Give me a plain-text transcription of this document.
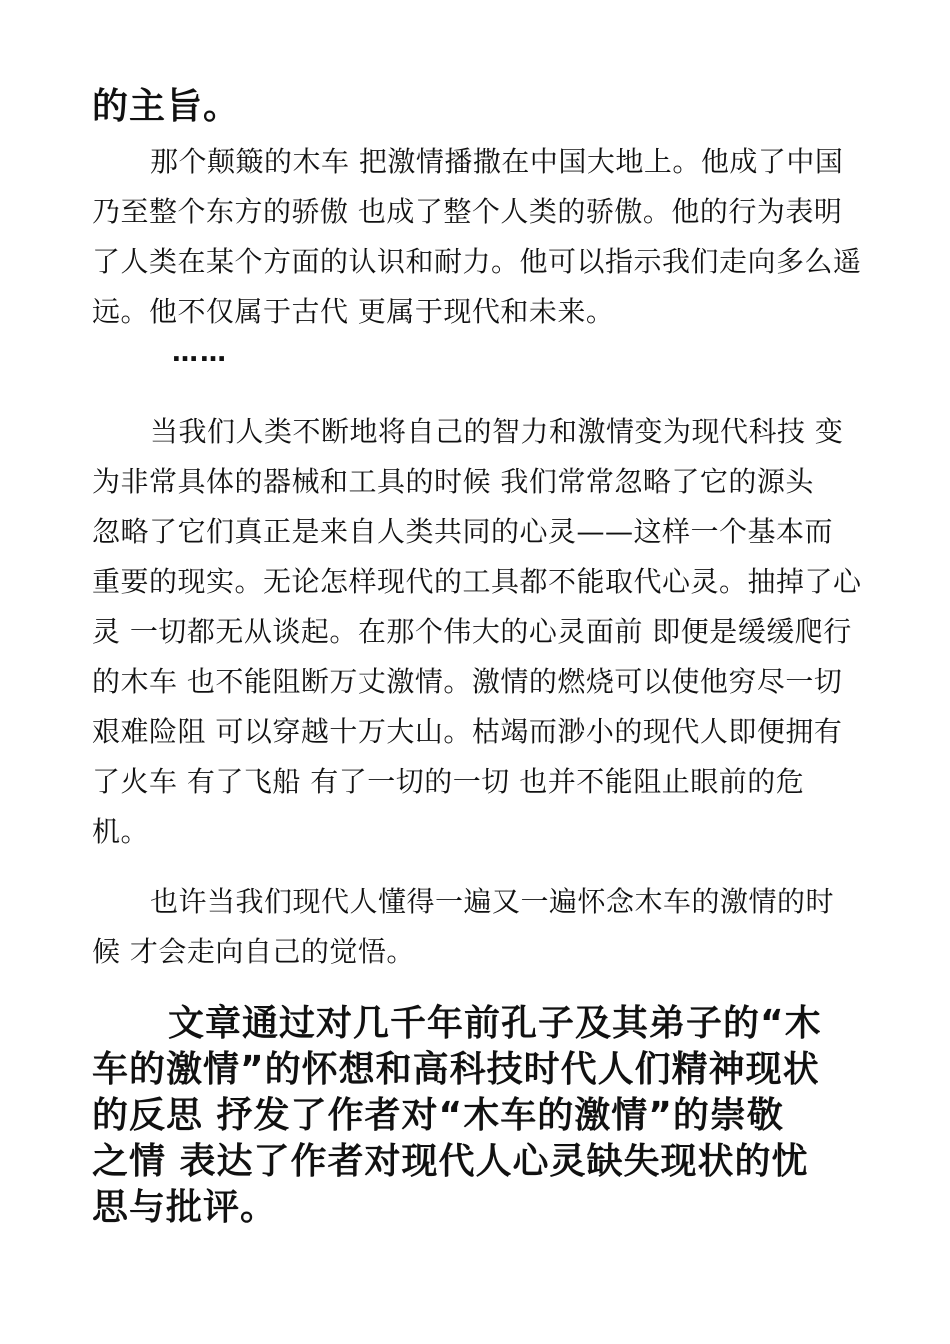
的主旨。
那个颠簸的木车 把激情播撒在中国大地上。他成了中国
乃至整个东方的骄傲 也成了整个人类的骄傲。他的行为表明
了人类在某个方面的认识和耐力。他可以指示我们走向多么遥
远。他不仅属于古代 更属于现代和未来。
……
当我们人类不断地将自己的智力和激情变为现代科技 变
为非常具体的器械和工具的时候 我们常常忽略了它的源头
忽略了它们真正是来自人类共同的心灵——这样一个基本而
重要的现实。无论怎样现代的工具都不能取代心灵。抽掉了心
灵 一切都无从谈起。在那个伟大的心灵面前 即便是缓缓爬行
的木车 也不能阻断万丈激情。激情的燃烧可以使他穷尽一切
艰难险阻 可以穿越十万大山。枯竭而渺小的现代人即便拥有
了火车 有了飞船 有了一切的一切 也并不能阻止眼前的危
机。
也许当我们现代人懂得一遍又一遍怀念木车的激情的时
候 才会走向自己的觉悟。
文章通过对几千年前孔子及其弟子的“木
车的激情”的怀想和高科技时代人们精神现状
的反思 抒发了作者对“木车的激情”的崇敬
之情 表达了作者对现代人心灵缺失现状的忧
思与批评。
